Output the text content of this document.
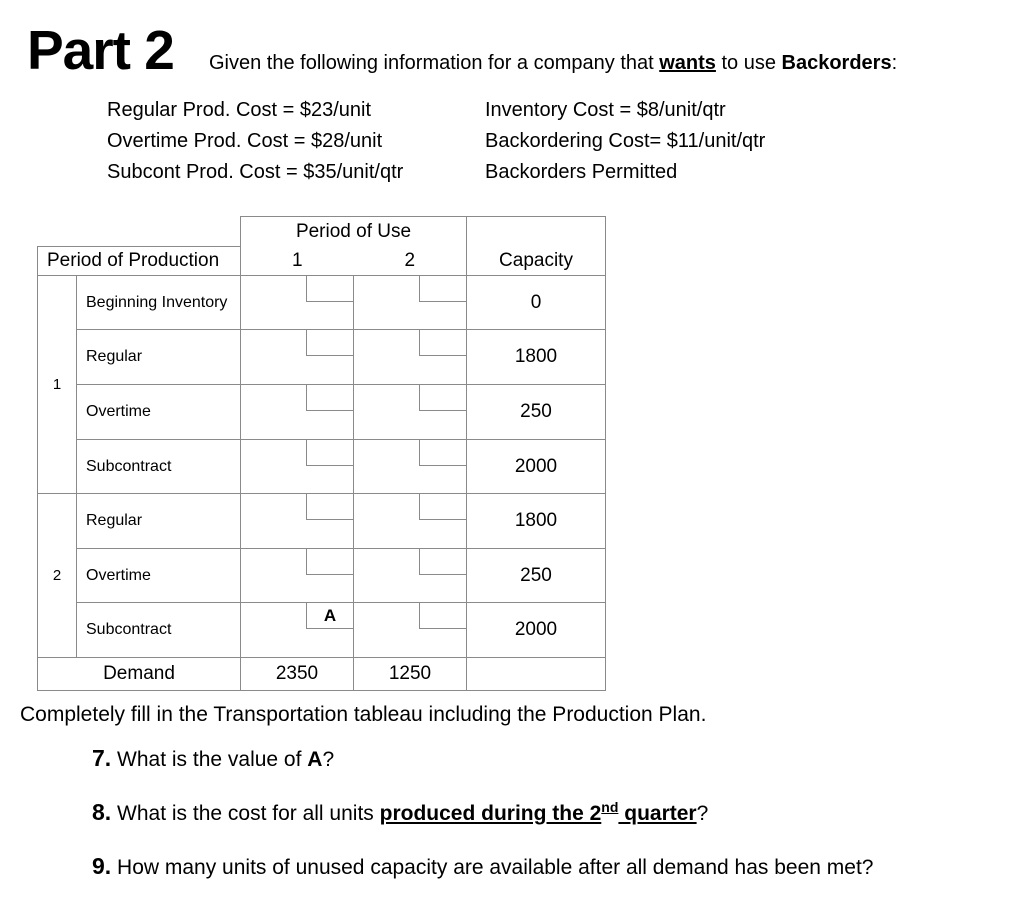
Part 2 Given the following information for a company that wants to use Backorders:
Regular Prod. Cost = $23/unit
Overtime Prod. Cost = $28/unit
Subcont Prod. Cost = $35/unit/qtr
Inventory Cost = $8/unit/qtr
Backordering Cost= $11/unit/qtr
Backorders Permitted
		Period of Use		
Period of Production		1	2	Capacity
1	Beginning Inventory			0
	Regular			1800
	Overtime			250
	Subcontract			2000
2	Regular			1800
	Overtime			250
	Subcontract	A		2000
Demand		2350	1250	
Completely fill in the Transportation tableau including the Production Plan.
7. What is the value of A?
8. What is the cost for all units produced during the 2nd quarter?
9. How many units of unused capacity are available after all demand has been met?
